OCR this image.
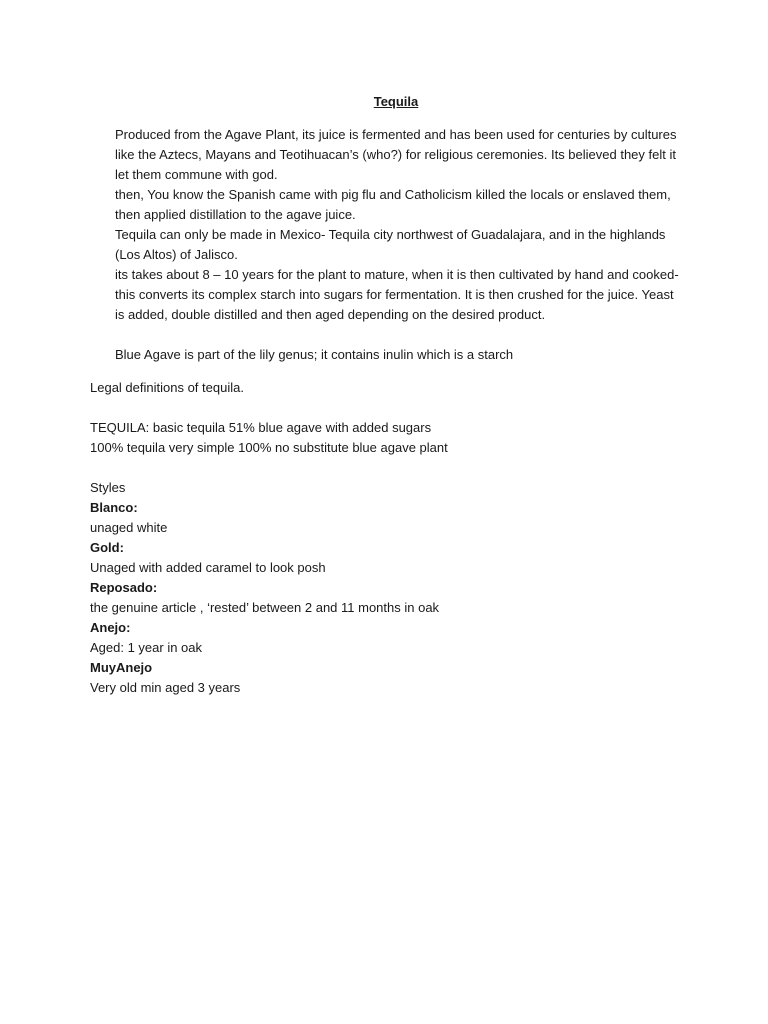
Tequila

Produced from the Agave Plant, its juice is fermented and has been used for centuries by cultures like the Aztecs, Mayans and Teotihuacan’s (who?) for religious ceremonies. Its believed they felt it let them commune with god.

then, You know the Spanish came with pig flu and Catholicism killed the locals or enslaved them, then applied distillation to the agave juice.

Tequila can only be made in Mexico- Tequila city northwest of Guadalajara, and in the highlands (Los Altos) of Jalisco.

its takes about 8 – 10 years for the plant to mature, when it is then cultivated by hand and cooked- this converts its complex starch into sugars for fermentation. It is then crushed for the juice. Yeast is added, double distilled and then aged depending on the desired product.

Blue Agave is part of the lily genus; it contains inulin which is a starch

Legal definitions of tequila.

TEQUILA: basic tequila 51% blue agave with added sugars

100% tequila very simple 100% no substitute blue agave plant

Styles

Blanco:

unaged white

Gold:

Unaged with added caramel to look posh

Reposado:

the genuine article , ‘rested’ between 2 and 11 months in oak

Anejo:

Aged: 1 year in oak

MuyAnejo

Very old min aged 3 years
